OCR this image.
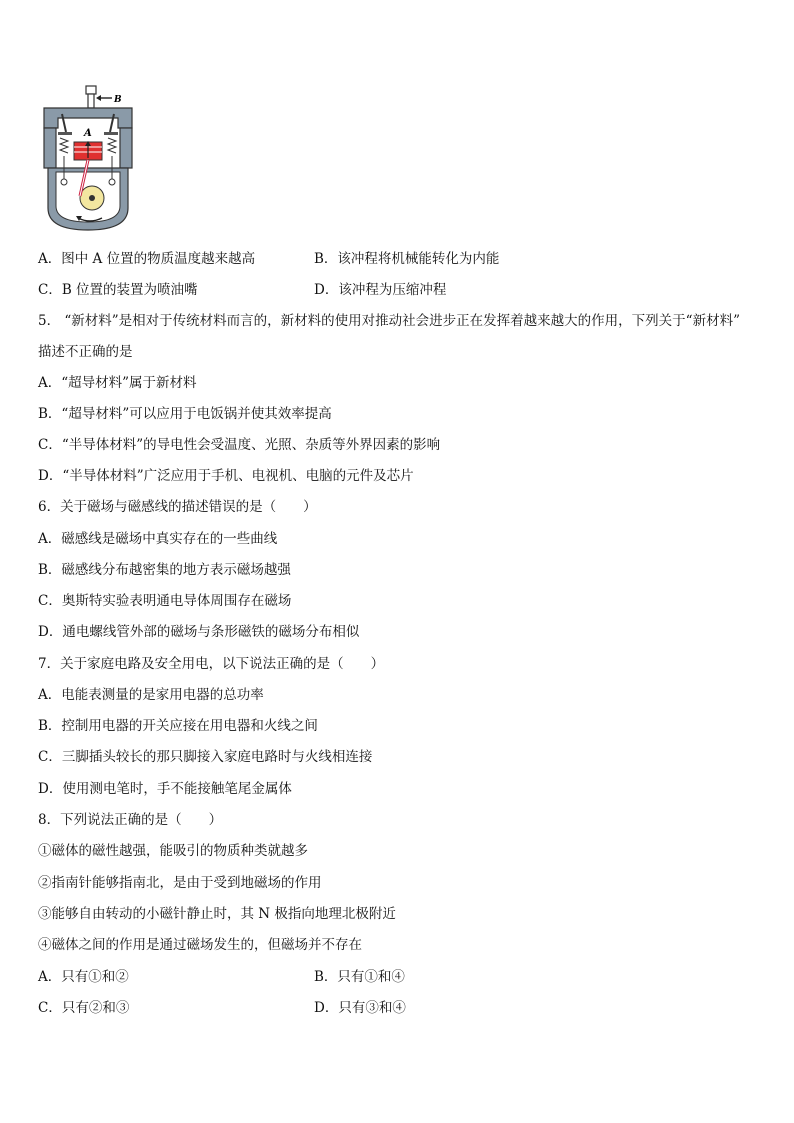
B
A
A．图中 A 位置的物质温度越来越高	B．该冲程将机械能转化为内能
C．B 位置的装置为喷油嘴	D．该冲程为压缩冲程
5． “新材料”是相对于传统材料而言的，新材料的使用对推动社会进步正在发挥着越来越大的作用，下列关于“新材料”
描述不正确的是
A．“超导材料”属于新材料
B．“超导材料”可以应用于电饭锅并使其效率提高
C．“半导体材料”的导电性会受温度、光照、杂质等外界因素的影响
D．“半导体材料”广泛应用于手机、电视机、电脑的元件及芯片
6．关于磁场与磁感线的描述错误的是（　　）
A．磁感线是磁场中真实存在的一些曲线
B．磁感线分布越密集的地方表示磁场越强
C．奥斯特实验表明通电导体周围存在磁场
D．通电螺线管外部的磁场与条形磁铁的磁场分布相似
7．关于家庭电路及安全用电，以下说法正确的是（　　）
A．电能表测量的是家用电器的总功率
B．控制用电器的开关应接在用电器和火线之间
C．三脚插头较长的那只脚接入家庭电路时与火线相连接
D．使用测电笔时，手不能接触笔尾金属体
8．下列说法正确的是（　　）
①磁体的磁性越强，能吸引的物质种类就越多
②指南针能够指南北，是由于受到地磁场的作用
③能够自由转动的小磁针静止时，其 N 极指向地理北极附近
④磁体之间的作用是通过磁场发生的，但磁场并不存在
A．只有①和②	B．只有①和④
C．只有②和③	D．只有③和④
